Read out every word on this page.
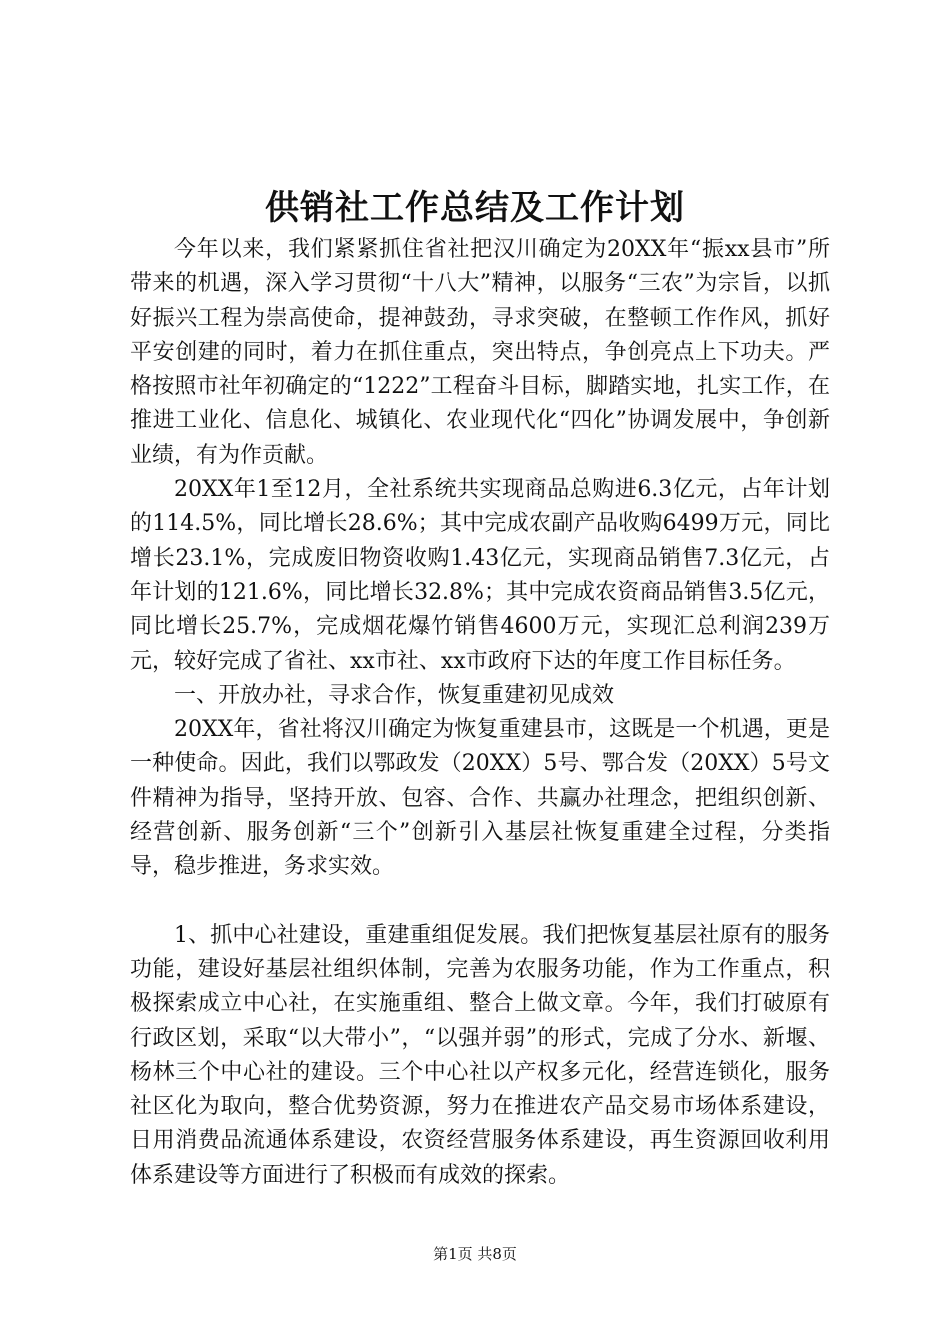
供销社工作总结及工作计划

今年以来，我们紧紧抓住省社把汉川确定为20XX年“振xx县市”所带来的机遇，深入学习贯彻“十八大”精神，以服务“三农”为宗旨，以抓好振兴工程为崇高使命，提神鼓劲，寻求突破，在整顿工作作风，抓好平安创建的同时，着力在抓住重点，突出特点，争创亮点上下功夫。严格按照市社年初确定的“1222”工程奋斗目标，脚踏实地，扎实工作，在推进工业化、信息化、城镇化、农业现代化“四化”协调发展中，争创新业绩，有为作贡献。

20XX年1至12月，全社系统共实现商品总购进6.3亿元，占年计划的114.5%，同比增长28.6%；其中完成农副产品收购6499万元，同比增长23.1%，完成废旧物资收购1.43亿元，实现商品销售7.3亿元，占年计划的121.6%，同比增长32.8%；其中完成农资商品销售3.5亿元，同比增长25.7%，完成烟花爆竹销售4600万元，实现汇总利润239万元，较好完成了省社、xx市社、xx市政府下达的年度工作目标任务。

一、开放办社，寻求合作，恢复重建初见成效

20XX年，省社将汉川确定为恢复重建县市，这既是一个机遇，更是一种使命。因此，我们以鄂政发（20XX）5号、鄂合发（20XX）5号文件精神为指导，坚持开放、包容、合作、共赢办社理念，把组织创新、经营创新、服务创新“三个”创新引入基层社恢复重建全过程，分类指导，稳步推进，务求实效。

1、抓中心社建设，重建重组促发展。我们把恢复基层社原有的服务功能，建设好基层社组织体制，完善为农服务功能，作为工作重点，积极探索成立中心社，在实施重组、整合上做文章。今年，我们打破原有行政区划，采取“以大带小”，“以强并弱”的形式，完成了分水、新堰、杨林三个中心社的建设。三个中心社以产权多元化，经营连锁化，服务社区化为取向，整合优势资源，努力在推进农产品交易市场体系建设，日用消费品流通体系建设，农资经营服务体系建设，再生资源回收利用体系建设等方面进行了积极而有成效的探索。

第1页 共8页
